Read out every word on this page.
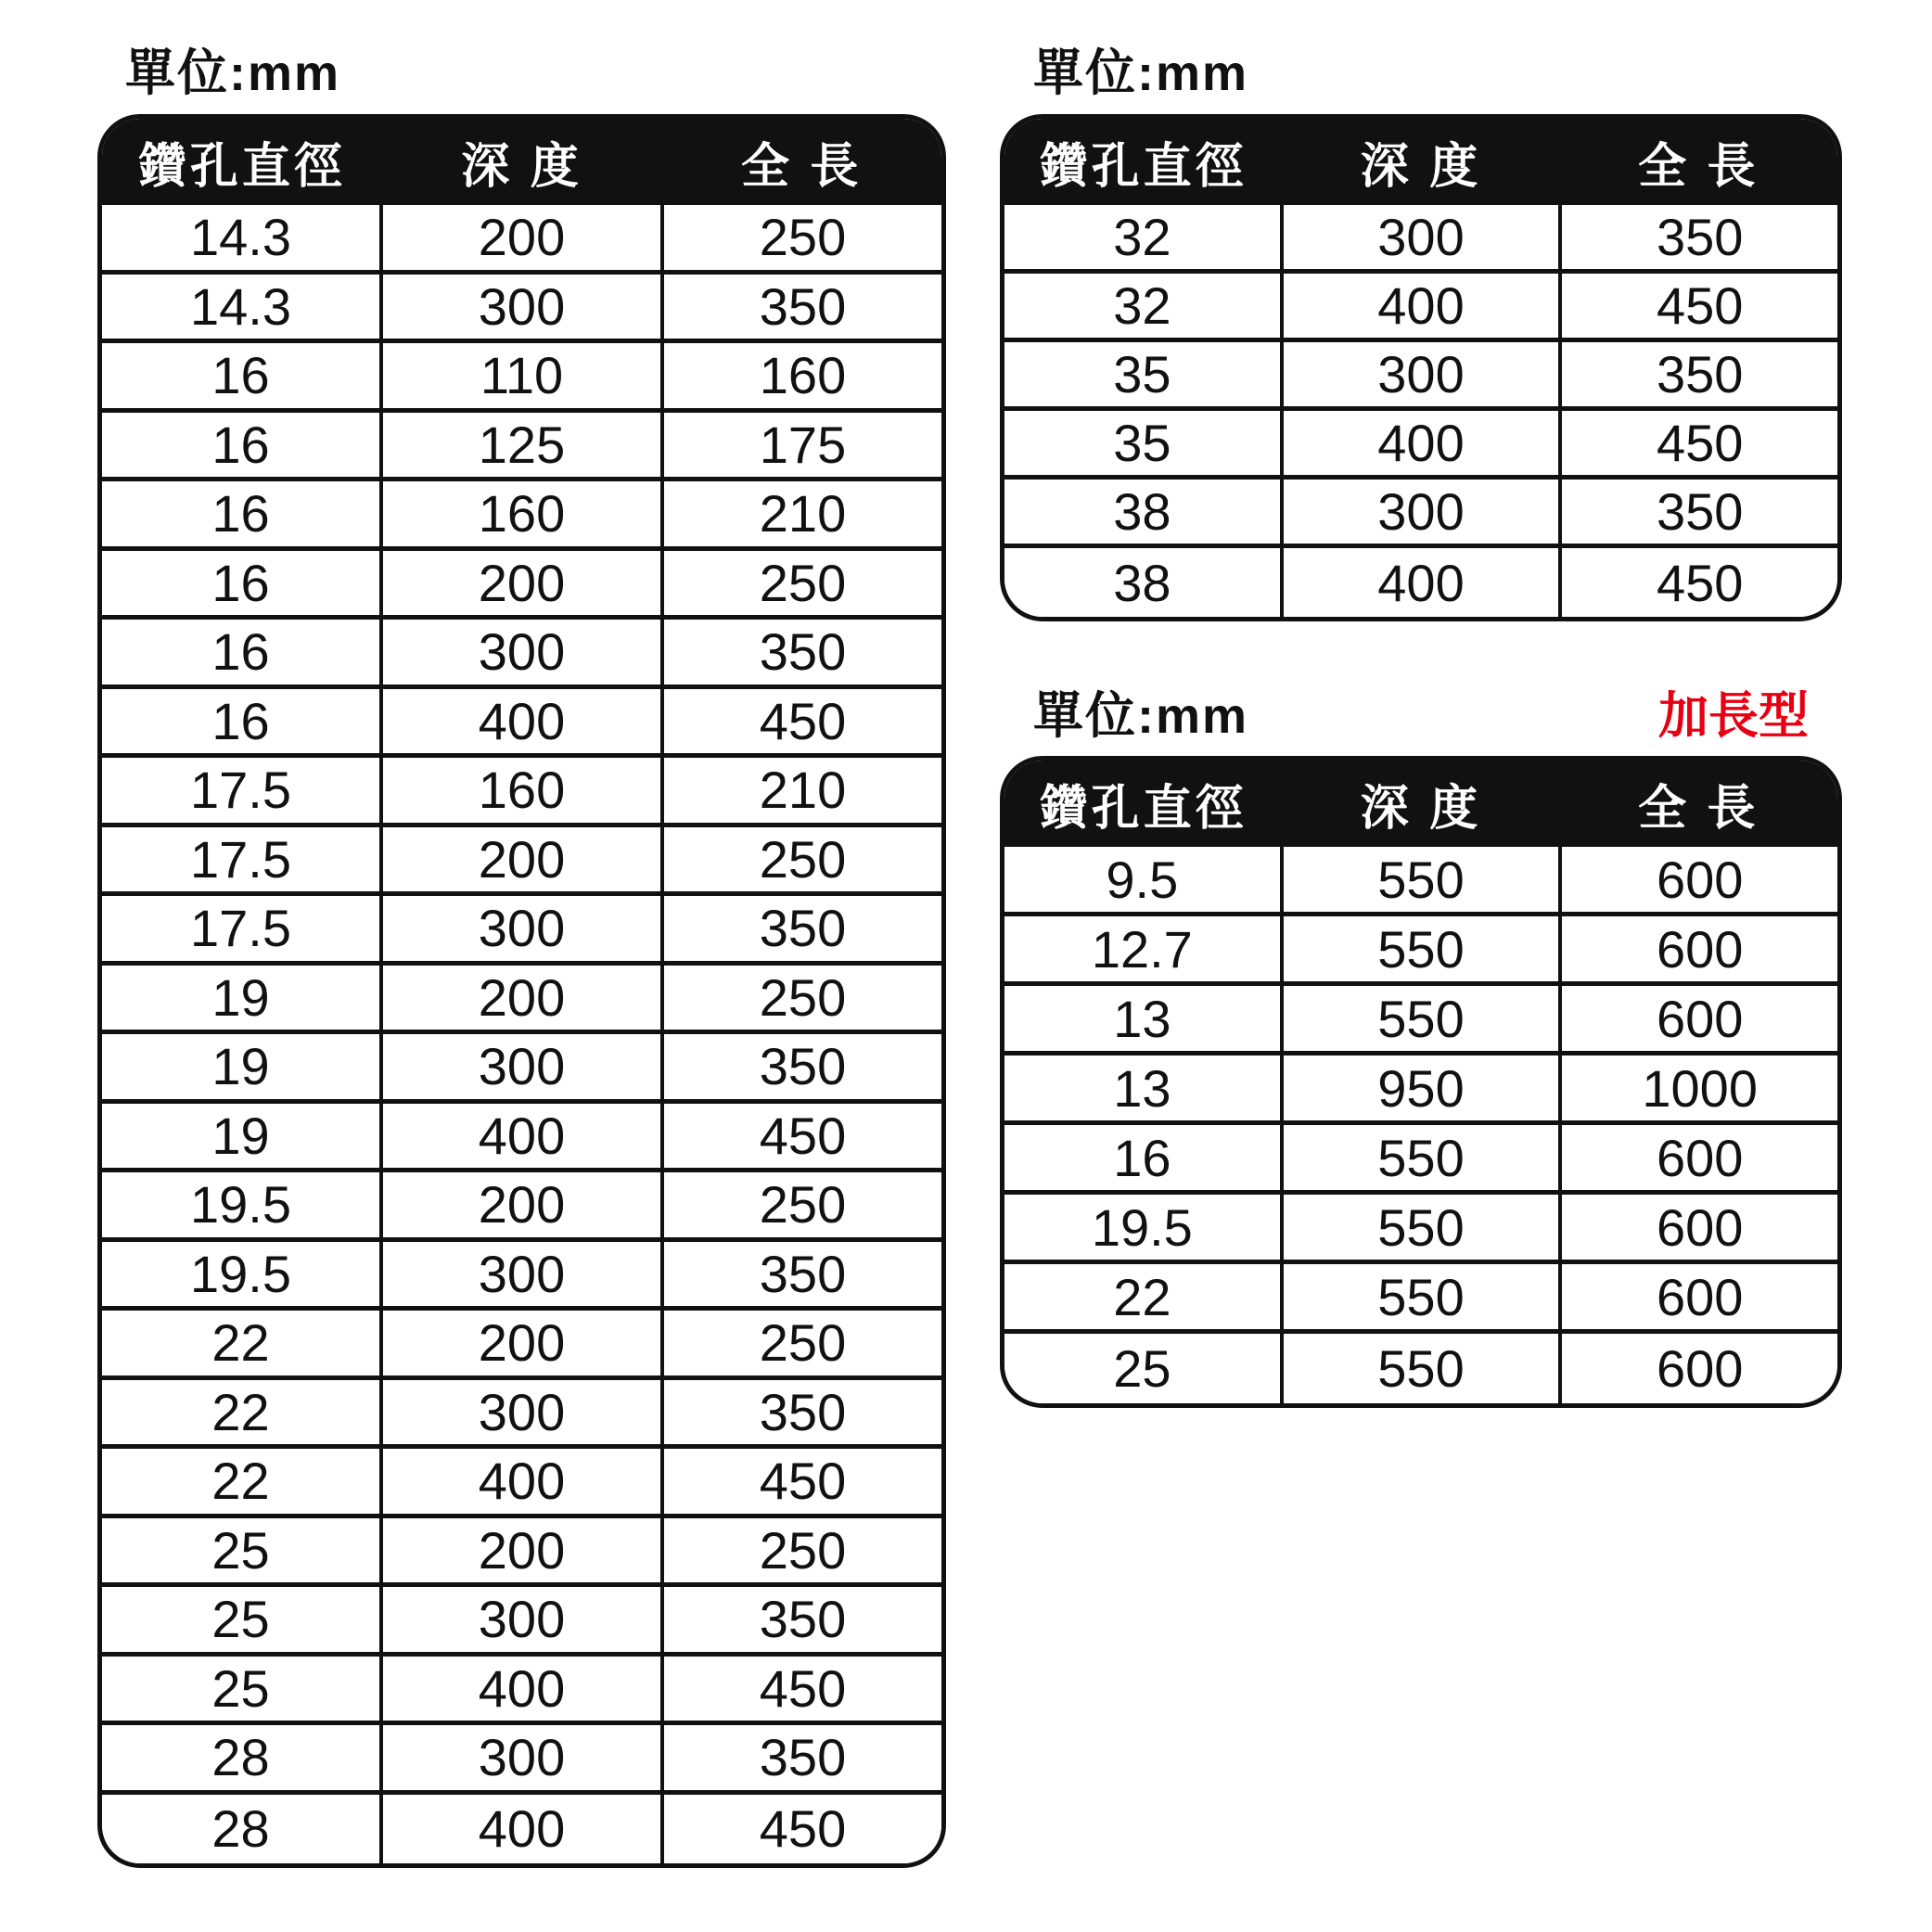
單位:mm
鑽孔直徑	深 度	全 長
14.3	200	250
14.3	300	350
16	110	160
16	125	175
16	160	210
16	200	250
16	300	350
16	400	450
17.5	160	210
17.5	200	250
17.5	300	350
19	200	250
19	300	350
19	400	450
19.5	200	250
19.5	300	350
22	200	250
22	300	350
22	400	450
25	200	250
25	300	350
25	400	450
28	300	350
28	400	450
單位:mm
鑽孔直徑	深 度	全 長
32	300	350
32	400	450
35	300	350
35	400	450
38	300	350
38	400	450
單位:mm	加長型
鑽孔直徑	深 度	全 長
9.5	550	600
12.7	550	600
13	550	600
13	950	1000
16	550	600
19.5	550	600
22	550	600
25	550	600
